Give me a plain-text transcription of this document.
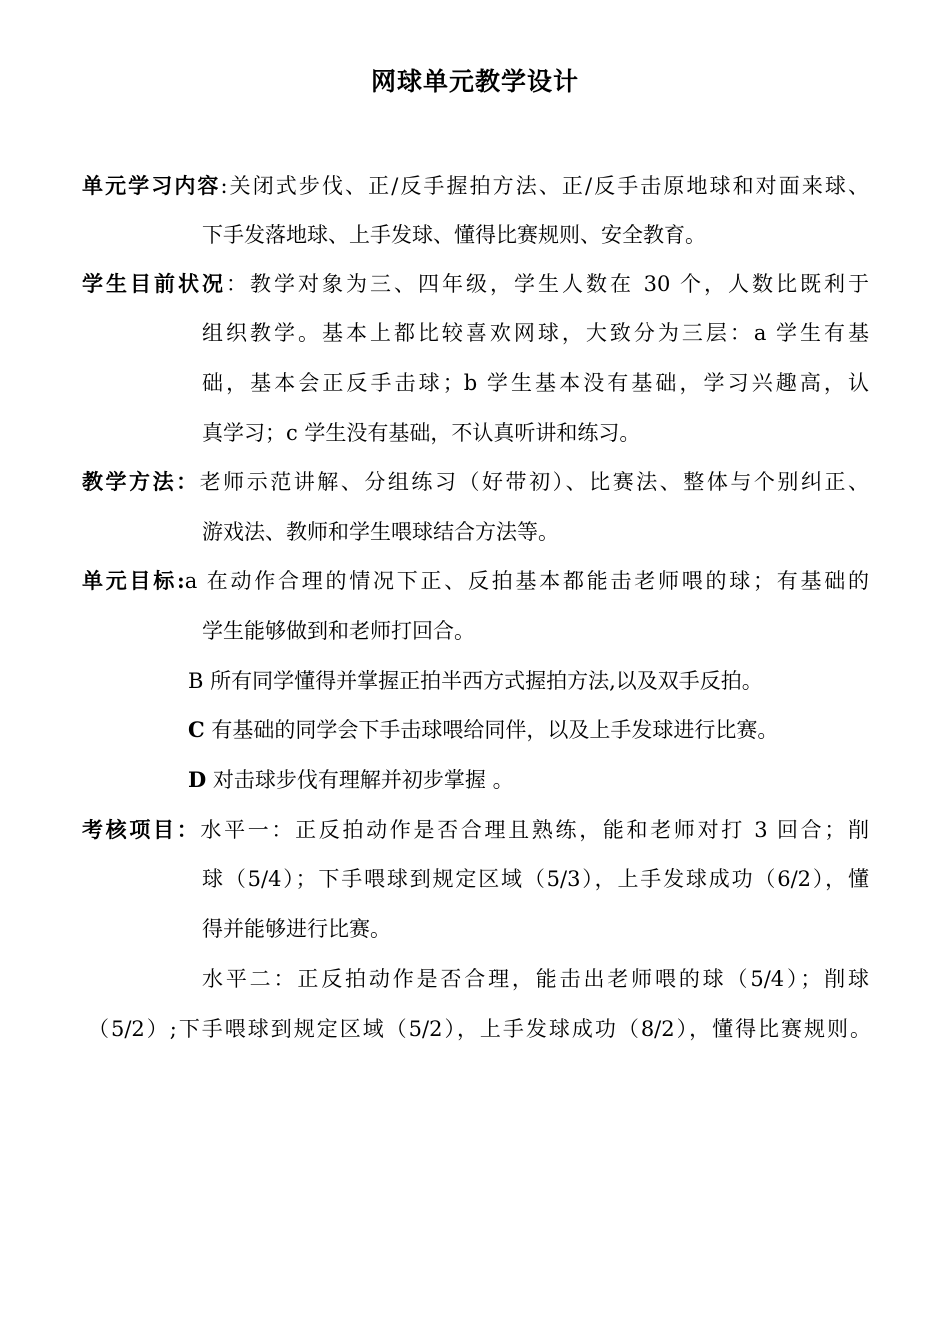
网球单元教学设计
单元学习内容:关闭式步伐、正/反手握拍方法、正/反手击原地球和对面来球、
下手发落地球、上手发球、懂得比赛规则、安全教育。
学生目前状况：教学对象为三、四年级，学生人数在 30 个，人数比既利于
组织教学。基本上都比较喜欢网球，大致分为三层：a 学生有基
础，基本会正反手击球；b 学生基本没有基础，学习兴趣高，认
真学习；c 学生没有基础，不认真听讲和练习。
教学方法：老师示范讲解、分组练习（好带初）、比赛法、整体与个别纠正、
游戏法、教师和学生喂球结合方法等。
单元目标:a 在动作合理的情况下正、反拍基本都能击老师喂的球；有基础的
学生能够做到和老师打回合。
B 所有同学懂得并掌握正拍半西方式握拍方法,以及双手反拍。
C 有基础的同学会下手击球喂给同伴，以及上手发球进行比赛。
D 对击球步伐有理解并初步掌握 。
考核项目：水平一：正反拍动作是否合理且熟练，能和老师对打 3 回合；削
球（5/4）；下手喂球到规定区域（5/3），上手发球成功（6/2），懂
得并能够进行比赛。
水平二：正反拍动作是否合理，能击出老师喂的球（5/4）；削球
（5/2）;下手喂球到规定区域（5/2），上手发球成功（8/2），懂得比赛规则。
